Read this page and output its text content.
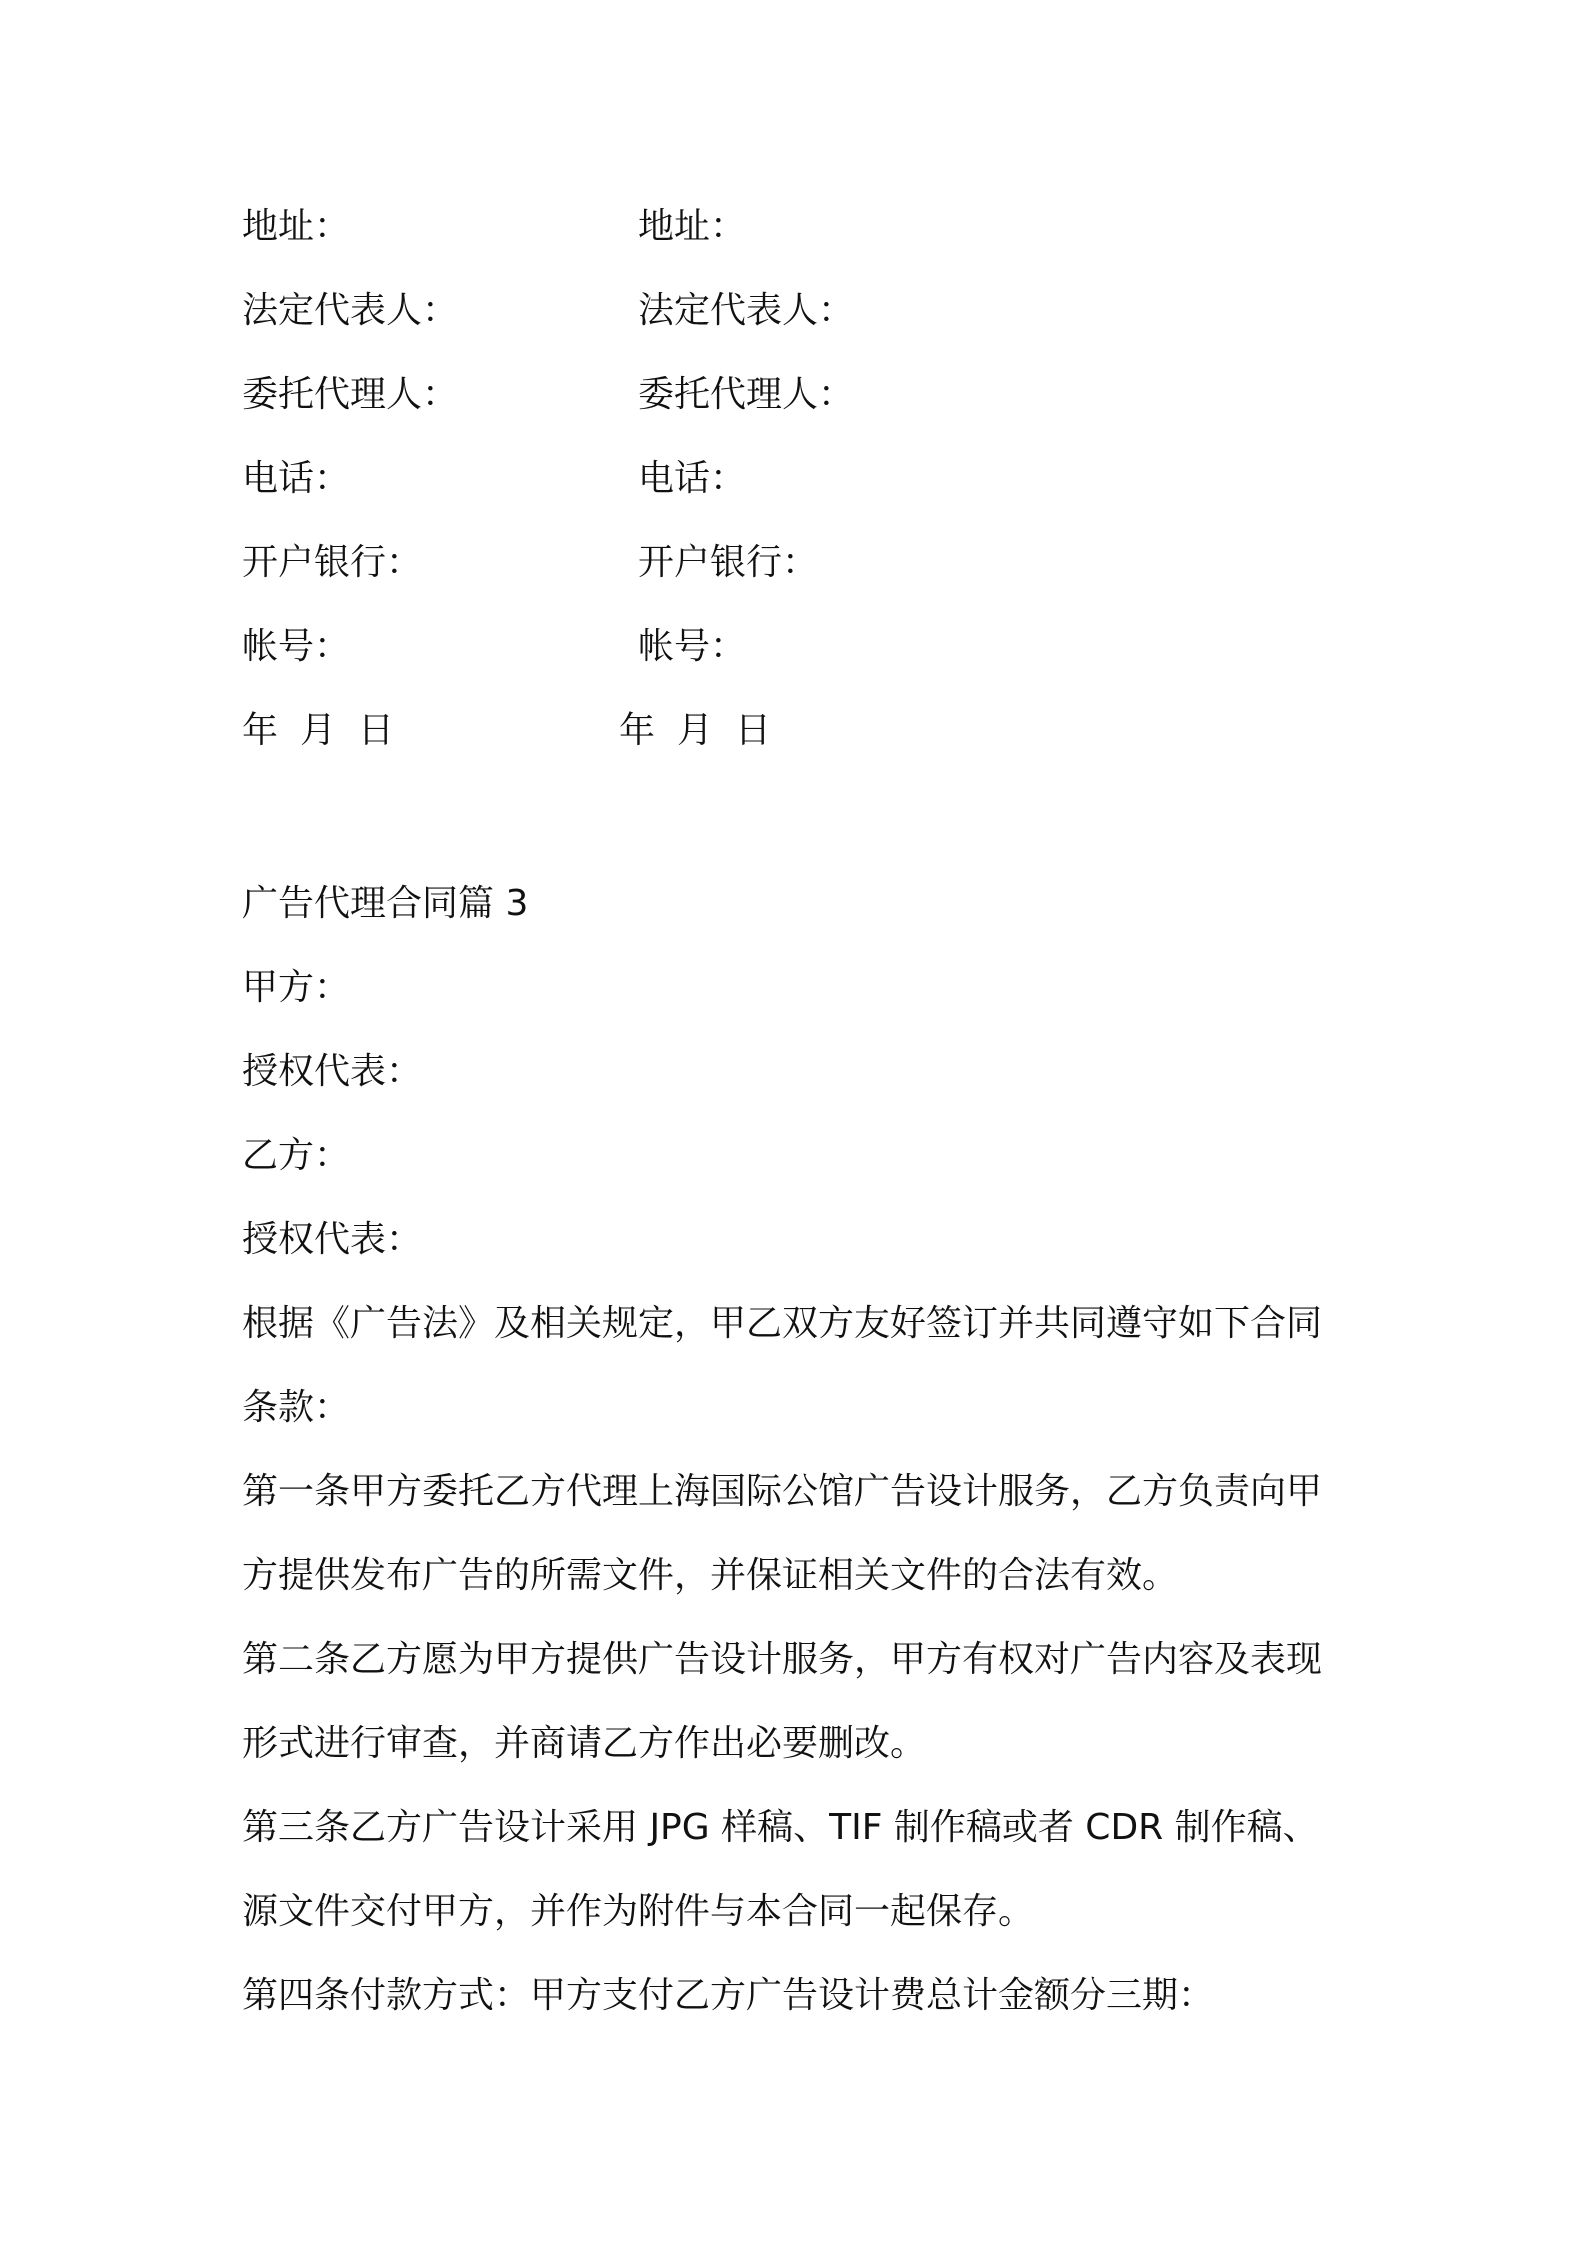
地址：	地址：
法定代表人：	法定代表人：
委托代理人：	委托代理人：
电话：	电话：
开户银行：	开户银行：
帐号：	帐号：
年 月 日	年 月 日
广告代理合同篇 3
甲方：
授权代表：
乙方：
授权代表：
根据《广告法》及相关规定，甲乙双方友好签订并共同遵守如下合同
条款：
第一条甲方委托乙方代理上海国际公馆广告设计服务，乙方负责向甲
方提供发布广告的所需文件，并保证相关文件的合法有效。
第二条乙方愿为甲方提供广告设计服务，甲方有权对广告内容及表现
形式进行审查，并商请乙方作出必要删改。
第三条乙方广告设计采用 JPG 样稿、TIF 制作稿或者 CDR 制作稿、
源文件交付甲方，并作为附件与本合同一起保存。
第四条付款方式：甲方支付乙方广告设计费总计金额分三期：
